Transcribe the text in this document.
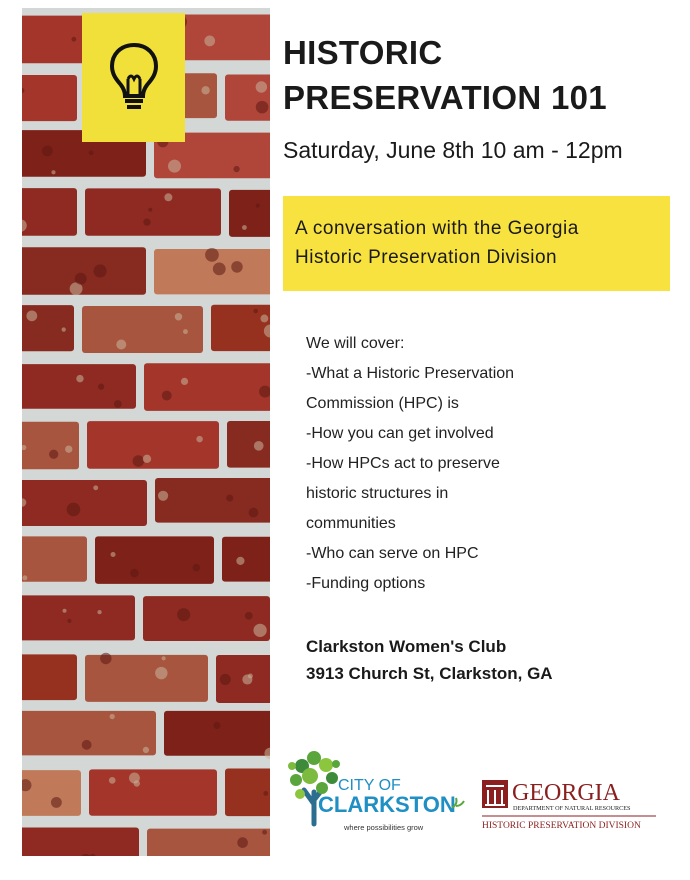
HISTORIC
PRESERVATION 101
Saturday, June 8th 10 am - 12pm
A conversation with the Georgia
Historic Preservation Division
We will cover:
-What a Historic Preservation
Commission (HPC) is
-How you can get involved
-How HPCs act to preserve
historic structures in
communities
-Who can serve on HPC
-Funding options
Clarkston Women's Club
3913 Church St, Clarkston, GA
CITY OF
CLARKSTON
where possibilities grow
GEORGIA
DEPARTMENT OF NATURAL RESOURCES
HISTORIC PRESERVATION DIVISION
